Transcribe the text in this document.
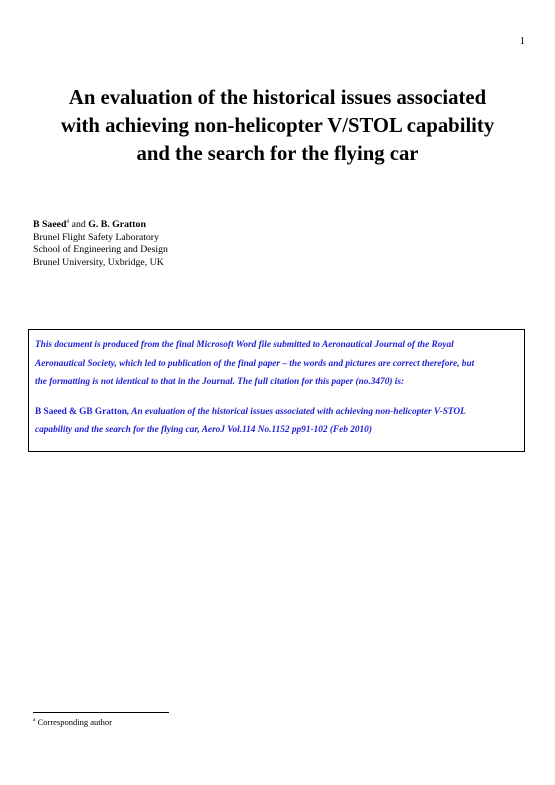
1
An evaluation of the historical issues associated
with achieving non-helicopter V/STOL capability
and the search for the flying car
B Saeed$^a$ and G. B. Gratton
Brunel Flight Safety Laboratory
School of Engineering and Design
Brunel University, Uxbridge, UK
This document is produced from the final Microsoft Word file submitted to Aeronautical Journal of the Royal
Aeronautical Society, which led to publication of the final paper – the words and pictures are correct therefore, but
the formatting is not identical to that in the Journal. The full citation for this paper (no.3470) is:
B Saeed & GB Gratton, An evaluation of the historical issues associated with achieving non-helicopter V-STOL
capability and the search for the flying car, AeroJ Vol.114 No.1152 pp91-102 (Feb 2010)
$^a$ Corresponding author
